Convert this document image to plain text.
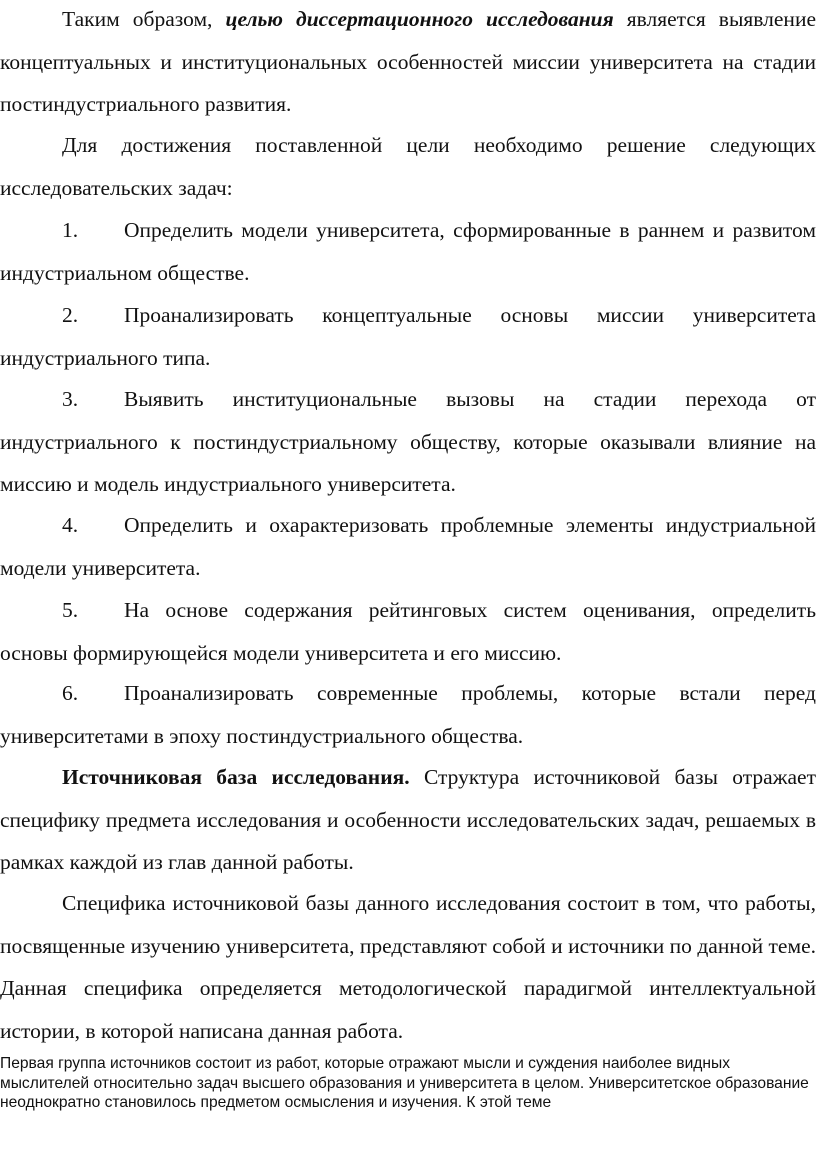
Таким образом, целью диссертационного исследования является выявление концептуальных и институциональных особенностей миссии университета на стадии постиндустриального развития.

Для достижения поставленной цели необходимо решение следующих исследовательских задач:

1. Определить модели университета, сформированные в раннем и развитом индустриальном обществе.

2. Проанализировать концептуальные основы миссии университета индустриального типа.

3. Выявить институциональные вызовы на стадии перехода от индустриального к постиндустриальному обществу, которые оказывали влияние на миссию и модель индустриального университета.

4. Определить и охарактеризовать проблемные элементы индустриальной модели университета.

5. На основе содержания рейтинговых систем оценивания, определить основы формирующейся модели университета и его миссию.

6. Проанализировать современные проблемы, которые встали перед университетами в эпоху постиндустриального общества.

Источниковая база исследования. Структура источниковой базы отражает специфику предмета исследования и особенности исследовательских задач, решаемых в рамках каждой из глав данной работы.

Специфика источниковой базы данного исследования состоит в том, что работы, посвященные изучению университета, представляют собой и источники по данной теме. Данная специфика определяется методологической парадигмой интеллектуальной истории, в которой написана данная работа.

Первая группа источников состоит из работ, которые отражают мысли и суждения наиболее видных мыслителей относительно задач высшего образования и университета в целом. Университетское образование неоднократно становилось предметом осмысления и изучения. К этой теме
